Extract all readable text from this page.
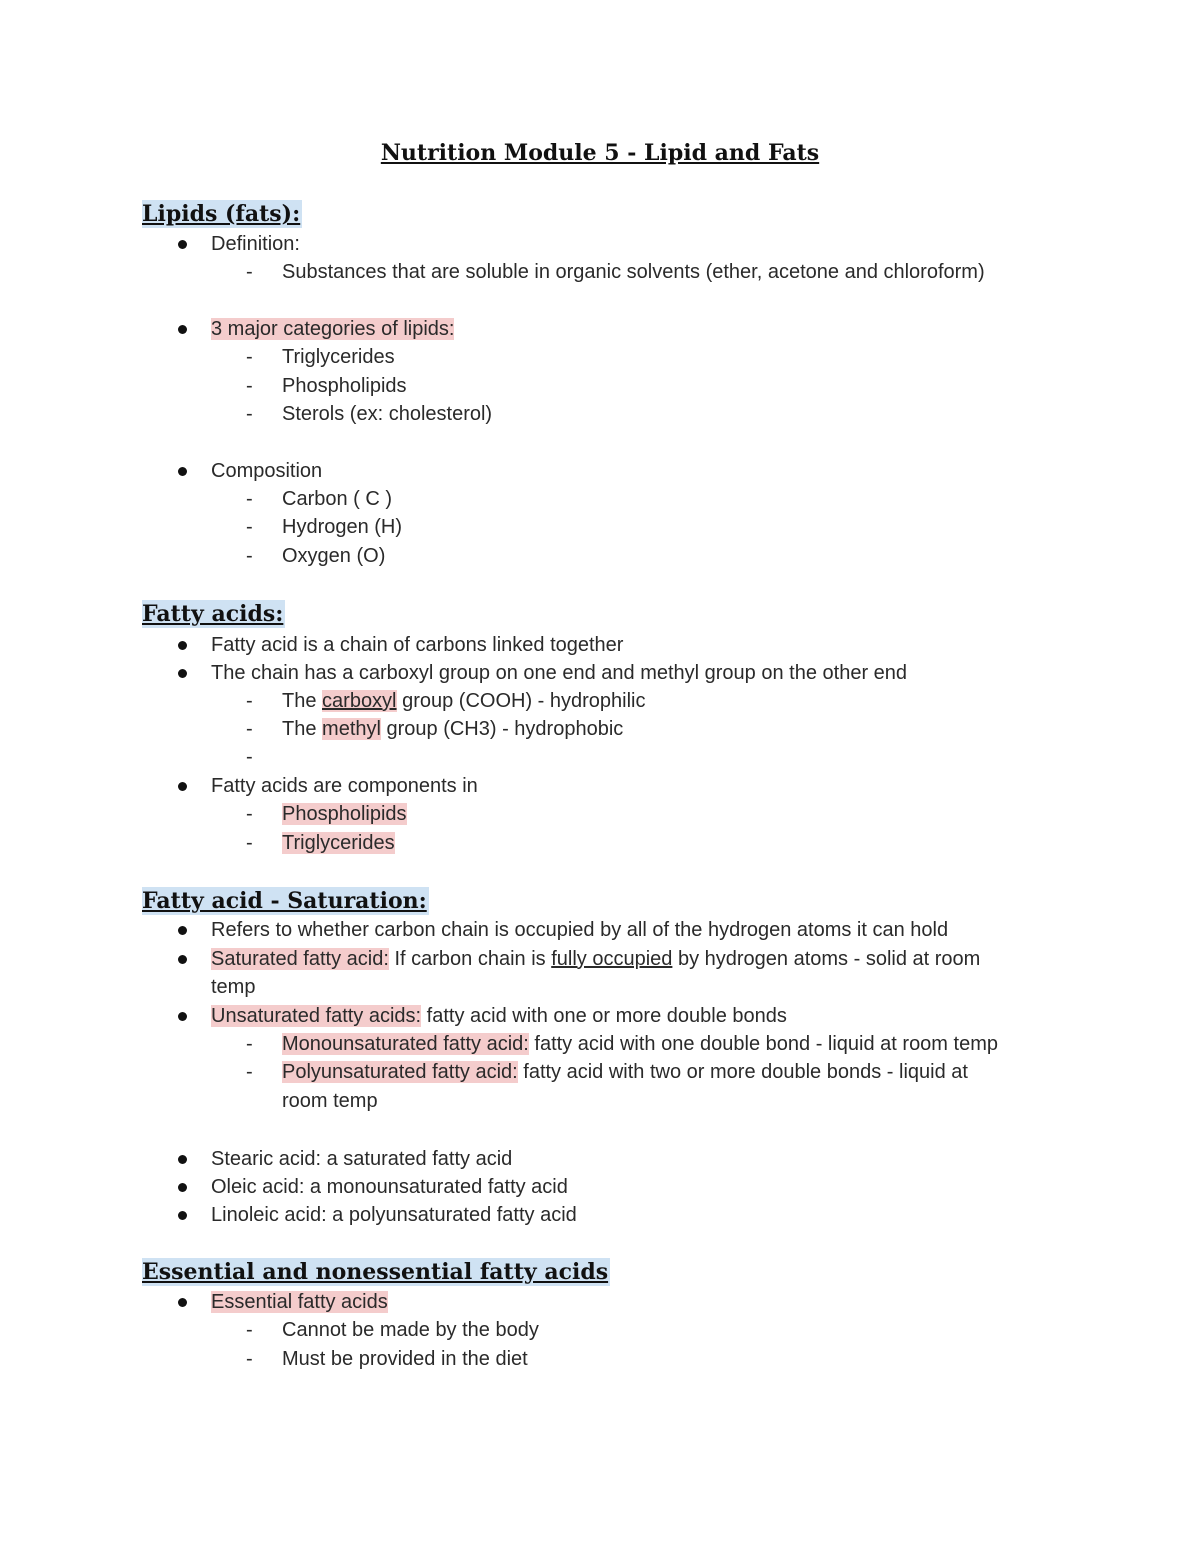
Nutrition Module 5 - Lipid and Fats
Lipids (fats):
Definition:
- Substances that are soluble in organic solvents (ether, acetone and chloroform)
3 major categories of lipids:
- Triglycerides
- Phospholipids
- Sterols (ex: cholesterol)
Composition
- Carbon ( C )
- Hydrogen (H)
- Oxygen (O)
Fatty acids:
Fatty acid is a chain of carbons linked together
The chain has a carboxyl group on one end and methyl group on the other end
- The carboxyl group (COOH) - hydrophilic
- The methyl group (CH3) - hydrophobic
-
Fatty acids are components in
- Phospholipids
- Triglycerides
Fatty acid - Saturation:
Refers to whether carbon chain is occupied by all of the hydrogen atoms it can hold
Saturated fatty acid: If carbon chain is fully occupied by hydrogen atoms - solid at room
temp
Unsaturated fatty acids: fatty acid with one or more double bonds
- Monounsaturated fatty acid: fatty acid with one double bond - liquid at room temp
- Polyunsaturated fatty acid: fatty acid with two or more double bonds - liquid at
room temp
Stearic acid: a saturated fatty acid
Oleic acid: a monounsaturated fatty acid
Linoleic acid: a polyunsaturated fatty acid
Essential and nonessential fatty acids
Essential fatty acids
- Cannot be made by the body
- Must be provided in the diet
